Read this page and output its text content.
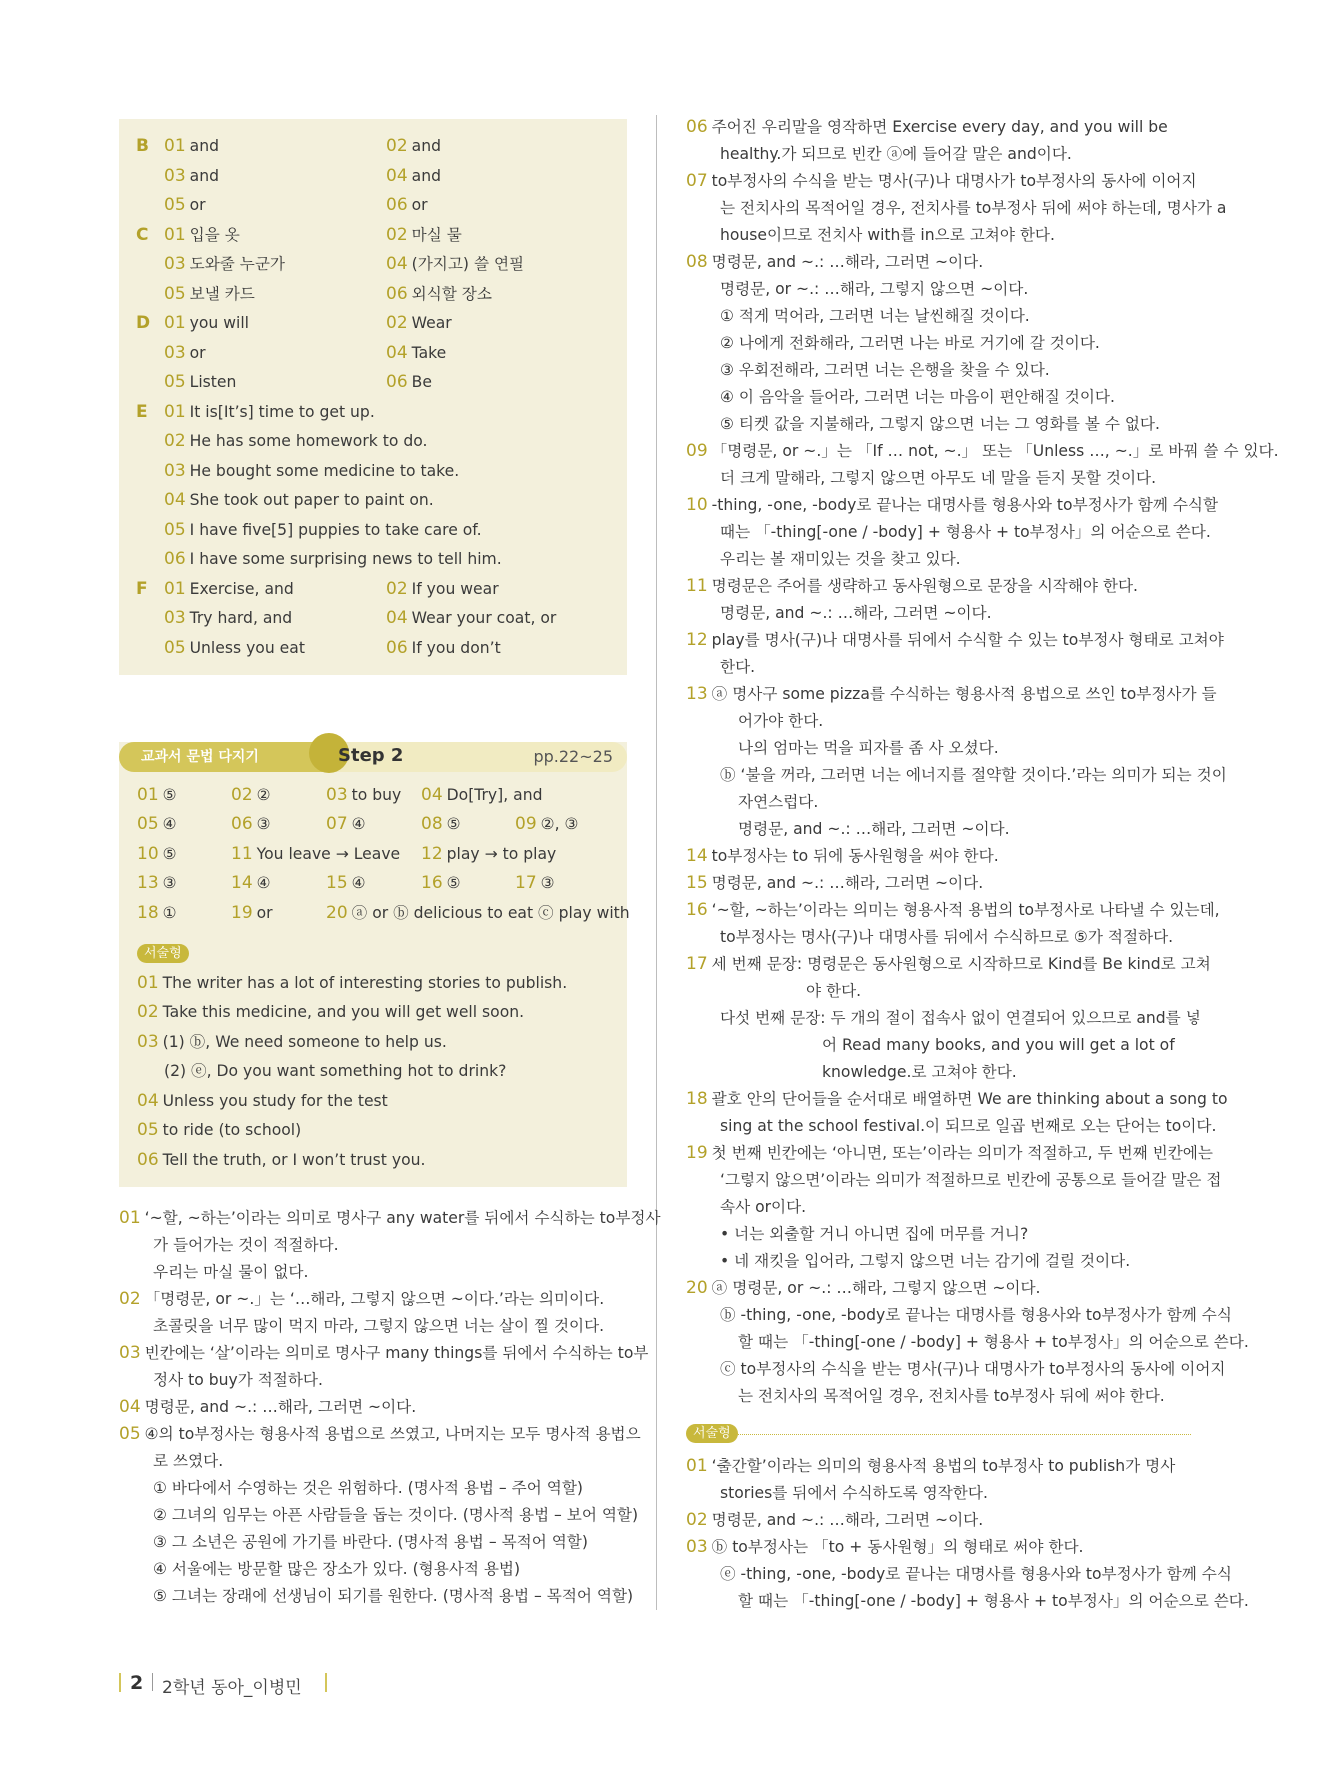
교과서 문법 다지기	Step 2	pp.22~25
서술형
서술형
B 01 and	02 and
03 and	04 and
05 or	06 or
C 01 입을 옷	02 마실 물
03 도와줄 누군가	04 (가지고) 쓸 연필
05 보낼 카드	06 외식할 장소
D 01 you will	02 Wear
03 or	04 Take
05 Listen	06 Be
E 01 It is[It’s] time to get up.
02 He has some homework to do.
03 He bought some medicine to take.
04 She took out paper to paint on.
05 I have five[5] puppies to take care of.
06 I have some surprising news to tell him.
F 01 Exercise, and	02 If you wear
03 Try hard, and	04 Wear your coat, or
05 Unless you eat	06 If you don’t
01 ⑤	02 ②	03 to buy 04 Do[Try], and
05 ④	06 ③	07 ④	08 ⑤	09 ②, ③
10 ⑤	11 You leave → Leave 12 play → to play
13 ③	14 ④	15 ④	16 ⑤	17 ③
18 ①	19 or	20 ⓐ or ⓑ delicious to eat ⓒ play with
01 The writer has a lot of interesting stories to publish.
02 Take this medicine, and you will get well soon.
03 (1) ⓑ, We need someone to help us.
(2) ⓔ, Do you want something hot to drink?
04 Unless you study for the test
05 to ride (to school)
06 Tell the truth, or I won’t trust you.
01 ‘~할, ~하는’이라는 의미로 명사구 any water를 뒤에서 수식하는 to부정사
가 들어가는 것이 적절하다.
우리는 마실 물이 없다.
02 「명령문, or ~.」는 ‘…해라, 그렇지 않으면 ~이다.’라는 의미이다.
초콜릿을 너무 많이 먹지 마라, 그렇지 않으면 너는 살이 찔 것이다.
03 빈칸에는 ‘살’이라는 의미로 명사구 many things를 뒤에서 수식하는 to부
정사 to buy가 적절하다.
04 명령문, and ~.: …해라, 그러면 ~이다.
05 ④의 to부정사는 형용사적 용법으로 쓰였고, 나머지는 모두 명사적 용법으
로 쓰였다.
① 바다에서 수영하는 것은 위험하다. (명사적 용법 – 주어 역할)
② 그녀의 임무는 아픈 사람들을 돕는 것이다. (명사적 용법 – 보어 역할)
③ 그 소년은 공원에 가기를 바란다. (명사적 용법 – 목적어 역할)
④ 서울에는 방문할 많은 장소가 있다. (형용사적 용법)
⑤ 그녀는 장래에 선생님이 되기를 원한다. (명사적 용법 – 목적어 역할)
06 주어진 우리말을 영작하면 Exercise every day, and you will be
healthy.가 되므로 빈칸 ⓐ에 들어갈 말은 and이다.
07 to부정사의 수식을 받는 명사(구)나 대명사가 to부정사의 동사에 이어지
는 전치사의 목적어일 경우, 전치사를 to부정사 뒤에 써야 하는데, 명사가 a
house이므로 전치사 with를 in으로 고쳐야 한다.
08 명령문, and ~.: …해라, 그러면 ~이다.
명령문, or ~.: …해라, 그렇지 않으면 ~이다.
① 적게 먹어라, 그러면 너는 날씬해질 것이다.
② 나에게 전화해라, 그러면 나는 바로 거기에 갈 것이다.
③ 우회전해라, 그러면 너는 은행을 찾을 수 있다.
④ 이 음악을 들어라, 그러면 너는 마음이 편안해질 것이다.
⑤ 티켓 값을 지불해라, 그렇지 않으면 너는 그 영화를 볼 수 없다.
09 「명령문, or ~.」는 「If … not, ~.」 또는 「Unless …, ~.」로 바꿔 쓸 수 있다.
더 크게 말해라, 그렇지 않으면 아무도 네 말을 듣지 못할 것이다.
10 -thing, -one, -body로 끝나는 대명사를 형용사와 to부정사가 함께 수식할
때는 「-thing[-one / -body] + 형용사 + to부정사」의 어순으로 쓴다.
우리는 볼 재미있는 것을 찾고 있다.
11 명령문은 주어를 생략하고 동사원형으로 문장을 시작해야 한다.
명령문, and ~.: …해라, 그러면 ~이다.
12 play를 명사(구)나 대명사를 뒤에서 수식할 수 있는 to부정사 형태로 고쳐야
한다.
13 ⓐ 명사구 some pizza를 수식하는 형용사적 용법으로 쓰인 to부정사가 들
어가야 한다.
나의 엄마는 먹을 피자를 좀 사 오셨다.
ⓑ ‘불을 꺼라, 그러면 너는 에너지를 절약할 것이다.’라는 의미가 되는 것이
자연스럽다.
명령문, and ~.: …해라, 그러면 ~이다.
14 to부정사는 to 뒤에 동사원형을 써야 한다.
15 명령문, and ~.: …해라, 그러면 ~이다.
16 ‘~할, ~하는’이라는 의미는 형용사적 용법의 to부정사로 나타낼 수 있는데,
to부정사는 명사(구)나 대명사를 뒤에서 수식하므로 ⑤가 적절하다.
17 세 번째 문장: 명령문은 동사원형으로 시작하므로 Kind를 Be kind로 고쳐
야 한다.
다섯 번째 문장: 두 개의 절이 접속사 없이 연결되어 있으므로 and를 넣
어 Read many books, and you will get a lot of
knowledge.로 고쳐야 한다.
18 괄호 안의 단어들을 순서대로 배열하면 We are thinking about a song to
sing at the school festival.이 되므로 일곱 번째로 오는 단어는 to이다.
19 첫 번째 빈칸에는 ‘아니면, 또는’이라는 의미가 적절하고, 두 번째 빈칸에는
‘그렇지 않으면’이라는 의미가 적절하므로 빈칸에 공통으로 들어갈 말은 접
속사 or이다.
• 너는 외출할 거니 아니면 집에 머무를 거니?
• 네 재킷을 입어라, 그렇지 않으면 너는 감기에 걸릴 것이다.
20 ⓐ 명령문, or ~.: …해라, 그렇지 않으면 ~이다.
ⓑ -thing, -one, -body로 끝나는 대명사를 형용사와 to부정사가 함께 수식
할 때는 「-thing[-one / -body] + 형용사 + to부정사」의 어순으로 쓴다.
ⓒ to부정사의 수식을 받는 명사(구)나 대명사가 to부정사의 동사에 이어지
는 전치사의 목적어일 경우, 전치사를 to부정사 뒤에 써야 한다.
01 ‘출간할’이라는 의미의 형용사적 용법의 to부정사 to publish가 명사
stories를 뒤에서 수식하도록 영작한다.
02 명령문, and ~.: …해라, 그러면 ~이다.
03 ⓑ to부정사는 「to + 동사원형」의 형태로 써야 한다.
ⓔ -thing, -one, -body로 끝나는 대명사를 형용사와 to부정사가 함께 수식
할 때는 「-thing[-one / -body] + 형용사 + to부정사」의 어순으로 쓴다.
2 2학년 동아_이병민
